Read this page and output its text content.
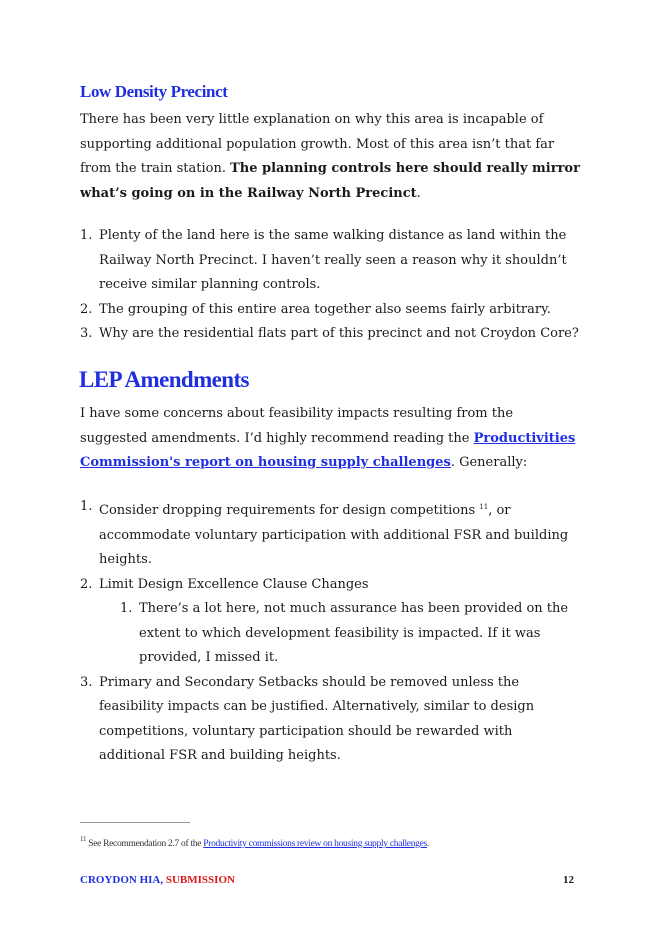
Low Density Precinct

There has been very little explanation on why this area is incapable of supporting additional population growth. Most of this area isn’t that far from the train station. The planning controls here should really mirror what’s going on in the Railway North Precinct.

1. Plenty of the land here is the same walking distance as land within the Railway North Precinct. I haven’t really seen a reason why it shouldn’t receive similar planning controls.
2. The grouping of this entire area together also seems fairly arbitrary.
3. Why are the residential flats part of this precinct and not Croydon Core?
LEP Amendments

I have some concerns about feasibility impacts resulting from the suggested amendments. I’d highly recommend reading the Productivities Commission's report on housing supply challenges. Generally:

1. Consider dropping requirements for design competitions $^{11}$, or accommodate voluntary participation with additional FSR and building heights.
2. Limit Design Excellence Clause Changes
1. There’s a lot here, not much assurance has been provided on the extent to which development feasibility is impacted. If it was provided, I missed it.
3. Primary and Secondary Setbacks should be removed unless the feasibility impacts can be justified. Alternatively, similar to design competitions, voluntary participation should be rewarded with additional FSR and building heights.
$^{11}$ See Recommendation 2.7 of the Productivity commissions review on housing supply challenges.
CROYDON HIA, SUBMISSION	12
